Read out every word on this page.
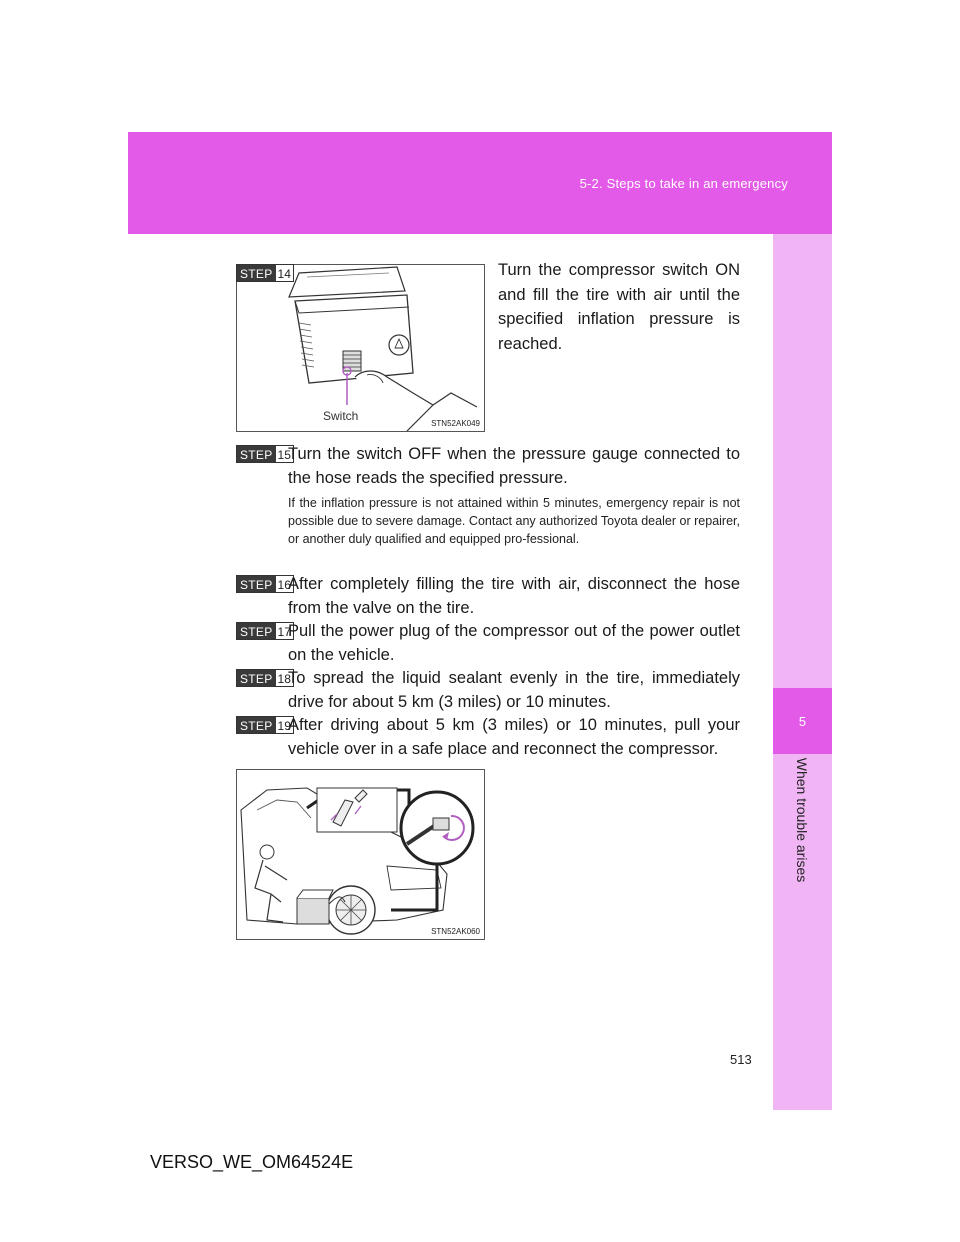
5-2. Steps to take in an emergency
5
When trouble arises
Switch
STN52AK049
STEP 14	Turn the compressor switch ON and fill the tire with air until the specified inflation pressure is reached.
STEP 15
Turn the switch OFF when the pressure gauge connected to the hose reads the specified pressure.
If the inflation pressure is not attained within 5 minutes, emergency repair is not possible due to severe damage. Contact any authorized Toyota dealer or repairer, or another duly qualified and equipped pro-fessional.
STEP 16
After completely filling the tire with air, disconnect the hose from the valve on the tire.
STEP 17
Pull the power plug of the compressor out of the power outlet on the vehicle.
STEP 18
To spread the liquid sealant evenly in the tire, immediately drive for about 5 km (3 miles) or 10 minutes.
STEP 19
After driving about 5 km (3 miles) or 10 minutes, pull your vehicle over in a safe place and reconnect the compressor.
STN52AK060
513
VERSO_WE_OM64524E
